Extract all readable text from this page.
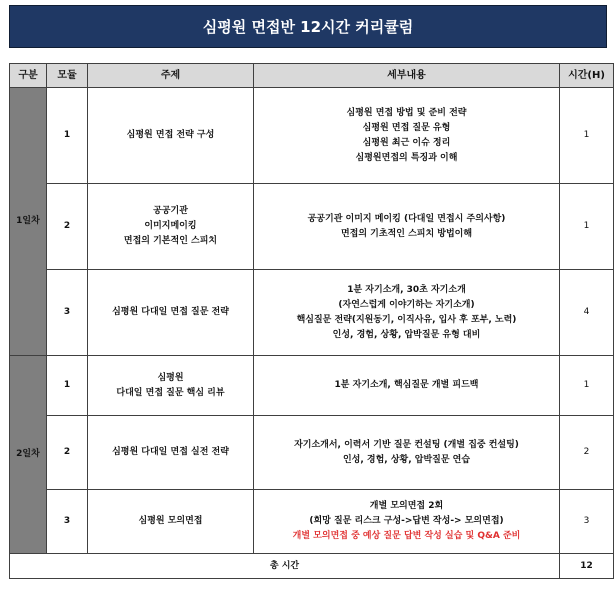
심평원 면접반 12시간 커리큘럼
구분	모듈	주제	세부내용	시간(H)
1일차	1	심평원 면접 전략 구성	심평원 면접 방법 및 준비 전략
심평원 면접 질문 유형
심평원 최근 이슈 정리
심평원면접의 특징과 이해	1
	2	공공기관
이미지메이킹
면접의 기본적인 스피치	공공기관 이미지 메이킹 (다대일 면접시 주의사항)
면접의 기초적인 스피치 방법이해	1
	3	심평원 다대일 면접 질문 전략	1분 자기소개, 30초 자기소개
(자연스럽게 이야기하는 자기소개)
핵심질문 전략(지원동기, 이직사유, 입사 후 포부, 노력)
인성, 경험, 상황, 압박질문 유형 대비	4
2일차	1	심평원
다대일 면접 질문 핵심 리뷰	1분 자기소개, 핵심질문 개별 피드백	1
	2	심평원 다대일 면접 실전 전략	자기소개서, 이력서 기반 질문 컨설팅 (개별 집중 컨설팅)
인성, 경험, 상황, 압박질문 연습	2
	3	심평원 모의면접	개별 모의면접 2회
(희망 질문 리스크 구성->답변 작성-> 모의면접)
개별 모의면접 중 예상 질문 답변 작성 실습 및 Q&A 준비	3
총 시간				12
